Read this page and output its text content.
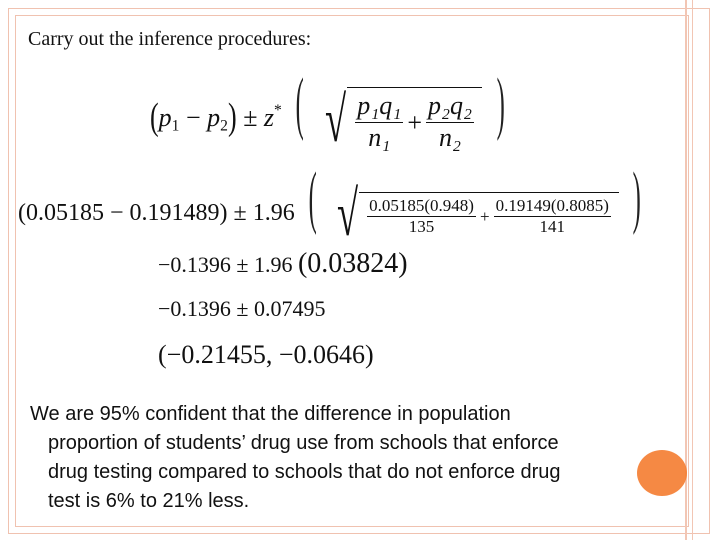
Carry out the inference procedures:
$(p_1 - p_2) \pm z^*$ ( √ $\frac{\text{p₁q₁}}{\text{n₁}} + \frac{\text{p₂q₂}}{\text{n₂}}$ )
(0.05185 − 0.191489) ± 1.96 ( √ $\frac{0.05185(0.948)}{135} + \frac{0.19149(0.8085)}{141}$ )
−0.1396 ± 1.96 (0.03824)
−0.1396 ± 0.07495
(−0.21455, −0.0646)
We are 95% confident that the difference in population
proportion of students’ drug use from schools that enforce
drug testing compared to schools that do not enforce drug
test is 6% to 21% less.
